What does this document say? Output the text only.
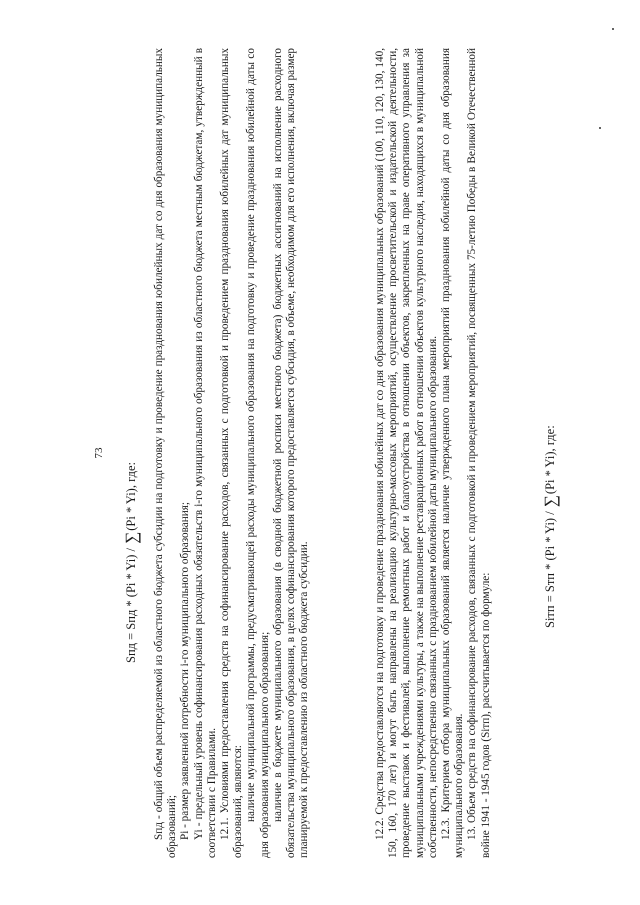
73
Sпд = Sпд * (Pi * Yi) / ∑(Pi * Yi), где:	Sпд - общий объем распределяемой из областного бюджета субсидии на подготовку и проведение празднования юбилейных дат со дня образования муниципальных образований; Pi - размер заявленной потребности i-го муниципального образования; Yi - предельный уровень софинансирования расходных обязательств i-го муниципального образования из областного бюджета местным бюджетам, утвержденный в соответствии с Правилами. 12.1. Условиями предоставления средств на софинансирование расходов, связанных с подготовкой и проведением празднования юбилейных дат муниципальных образований, являются: наличие муниципальной программы, предусматривающей расходы муниципального образования на подготовку и проведение празднования юбилейной даты со дня образования муниципального образования; наличие в бюджете муниципального образования (в сводной бюджетной росписи местного бюджета) бюджетных ассигнований на исполнение расходного обязательства муниципального образования, в целях софинансирования которого предоставляется субсидия, в объеме, необходимом для его исполнения, включая размер планируемой к предоставлению из областного бюджета субсидии.	12.2. Средства предоставляются на подготовку и проведение празднования юбилейных дат со дня образования муниципальных образований (100, 110, 120, 130, 140, 150, 160, 170 лет) и могут быть направлены на реализацию культурно-массовых мероприятий, осуществление просветительской и издательской деятельности, проведение выставок и фестивалей, выполнение ремонтных работ и благоустройства в отношении объектов, закрепленных на праве оперативного управления за муниципальными учреждениями культуры, а также на выполнение реставрационных работ в отношении объектов культурного наследия, находящихся в муниципальной собственности, непосредственно связанных с празднованием юбилейной даты муниципального образования. 12.3. Критерием отбора муниципальных образований является наличие утвержденного плана мероприятий празднования юбилейной даты со дня образования муниципального образования. 13. Объем средств на софинансирование расходов, связанных с подготовкой и проведением мероприятий, посвященных 75-летию Победы в Великой Отечественной войне 1941 - 1945 годов (Siтп), рассчитывается по формуле:

Siтп = Sтп * (Pi * Yi) / ∑(Pi * Yi), где:
